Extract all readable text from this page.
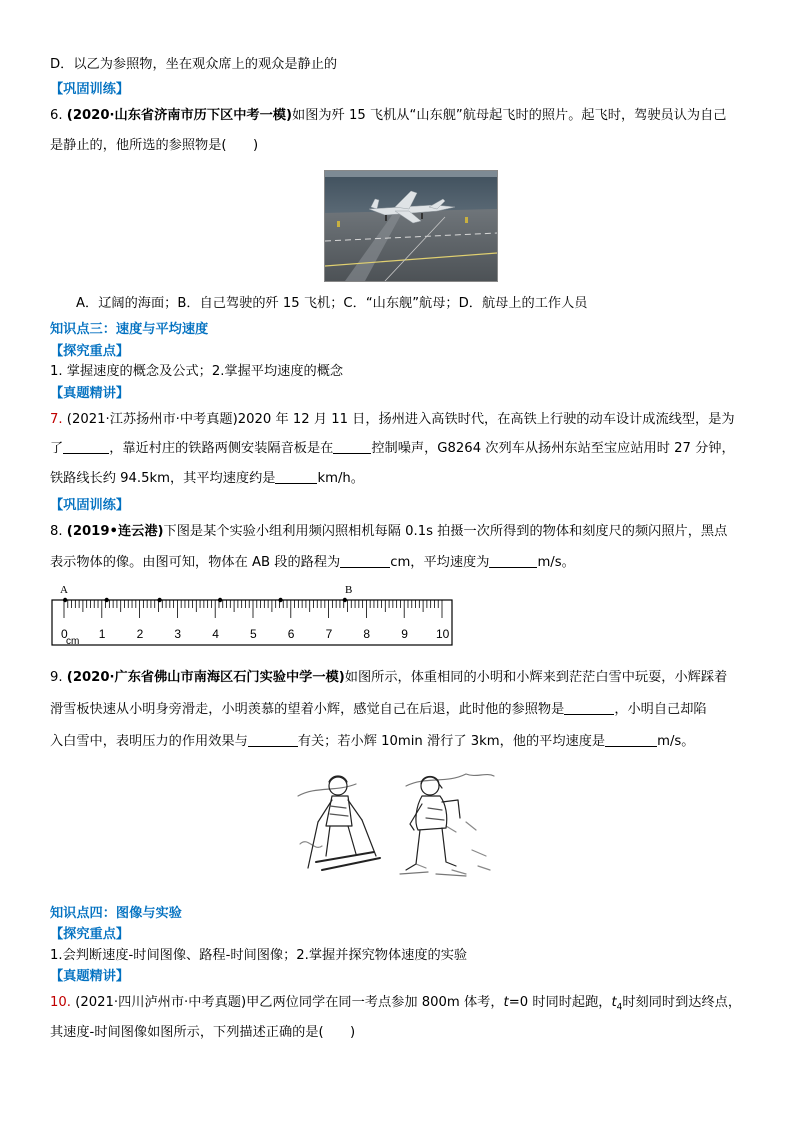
D．以乙为参照物，坐在观众席上的观众是静止的
【巩固训练】
6. (2020·山东省济南市历下区中考一模)如图为歼 15 飞机从“山东舰”航母起飞时的照片。起飞时，驾驶员认为自己
是静止的，他所选的参照物是(　　)
A．辽阔的海面；B．自己驾驶的歼 15 飞机；C．“山东舰”航母；D．航母上的工作人员
知识点三：速度与平均速度
【探究重点】
1. 掌握速度的概念及公式；2.掌握平均速度的概念
【真题精讲】
7. (2021·江苏扬州市·中考真题)2020 年 12 月 11 日，扬州进入高铁时代，在高铁上行驶的动车设计成流线型，是为
了	，靠近村庄的铁路两侧安装隔音板是在	控制噪声，G8264 次列车从扬州东站至宝应站用时 27 分钟，
铁路线长约 94.5km，其平均速度约是	km/h。
【巩固训练】
8. (2019•连云港)下图是某个实验小组利用频闪照相机每隔 0.1s 拍摄一次所得到的物体和刻度尺的频闪照片，黑点
表示物体的像。由图可知，物体在 AB 段的路程为	cm，平均速度为	m/s。
A	B
0	1	2	3	4	5	6	7	8	9 10
cm
9. (2020·广东省佛山市南海区石门实验中学一模)如图所示，体重相同的小明和小辉来到茫茫白雪中玩耍，小辉踩着
滑雪板快速从小明身旁滑走，小明羡慕的望着小辉，感觉自己在后退，此时他的参照物是	，小明自己却陷
入白雪中，表明压力的作用效果与	有关；若小辉 10min 滑行了 3km，他的平均速度是	m/s。
知识点四：图像与实验
【探究重点】
1.会判断速度-时间图像、路程-时间图像；2.掌握并探究物体速度的实验
【真题精讲】
10. (2021·四川泸州市·中考真题)甲乙两位同学在同一考点参加 800m 体考，t=0 时同时起跑，$t_4$时刻同时到达终点，
其速度-时间图像如图所示，下列描述正确的是(　　)
